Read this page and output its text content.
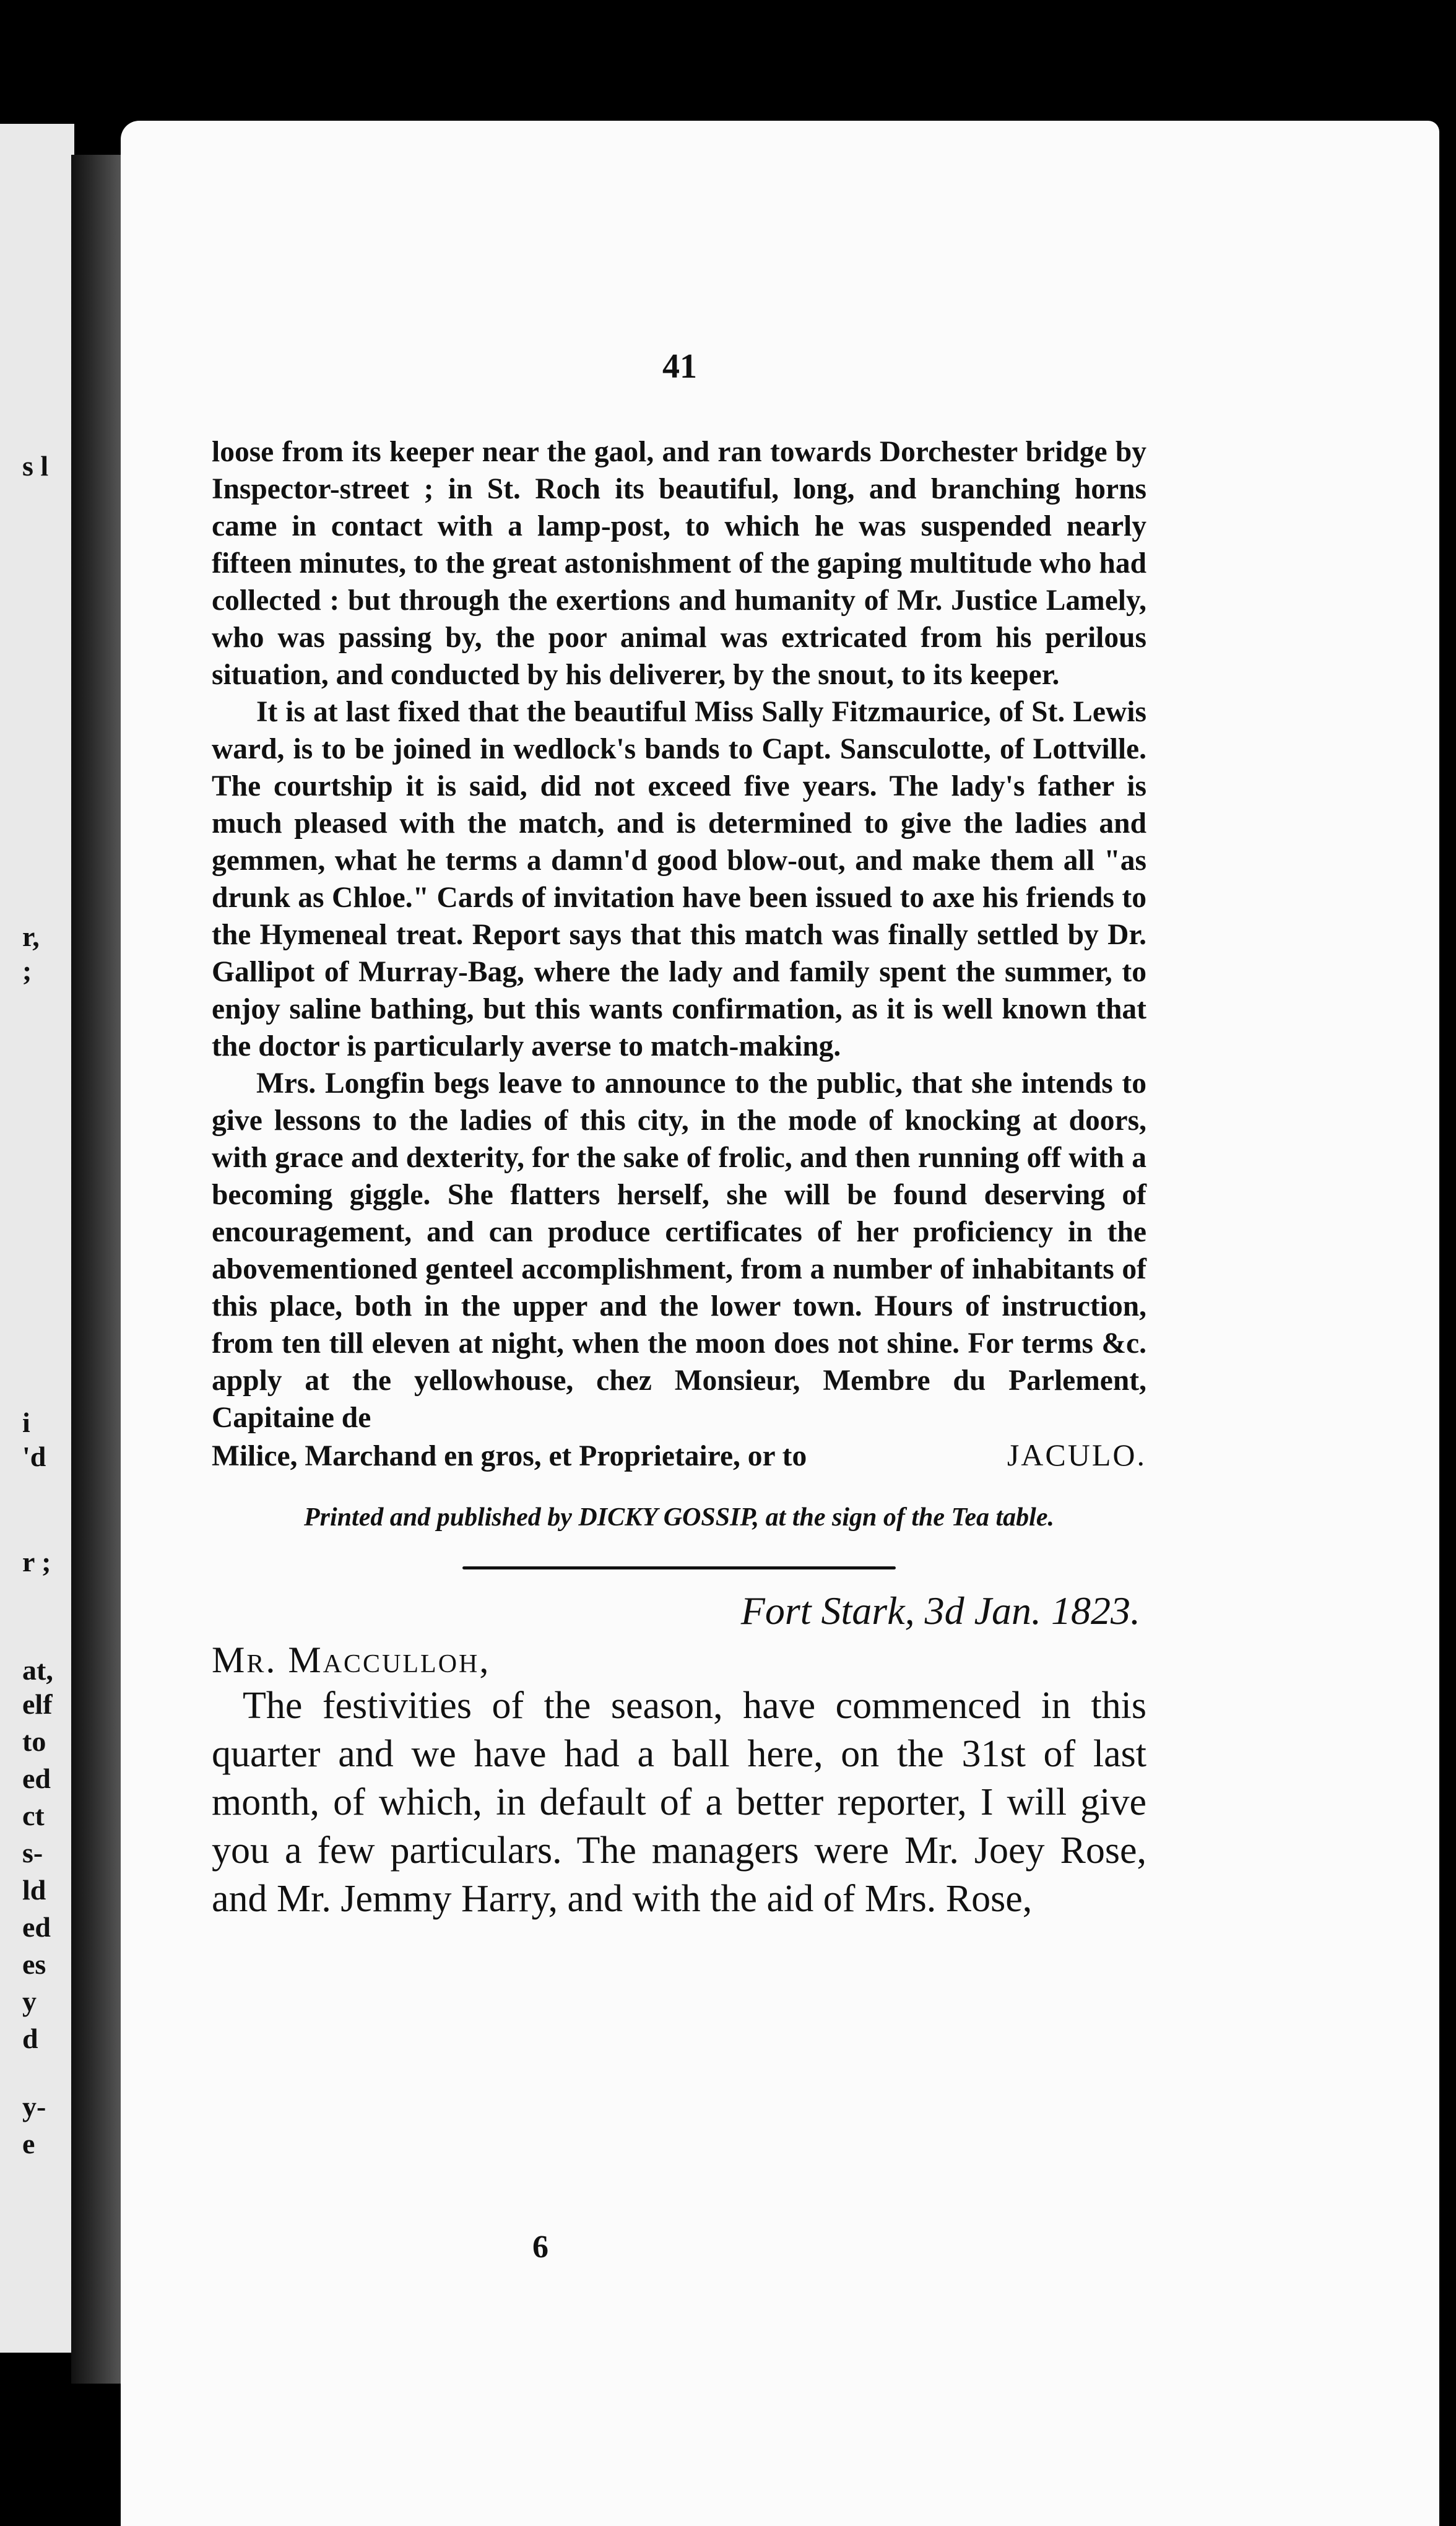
s l
r,
;
i
'd
r ;
at,
elf
to
ed
ct
s-
ld
ed
es
y
d
y-
e
41

loose from its keeper near the gaol, and ran towards Dorchester bridge by Inspector-street ; in St. Roch its beautiful, long, and branching horns came in contact with a lamp-post, to which he was suspended nearly fifteen minutes, to the great astonishment of the gaping multitude who had collected : but through the exertions and humanity of Mr. Justice Lamely, who was passing by, the poor animal was extricated from his perilous situation, and conducted by his deliverer, by the snout, to its keeper.

It is at last fixed that the beautiful Miss Sally Fitzmaurice, of St. Lewis ward, is to be joined in wedlock's bands to Capt. Sansculotte, of Lottville. The courtship it is said, did not exceed five years. The lady's father is much pleased with the match, and is determined to give the ladies and gemmen, what he terms a damn'd good blow-out, and make them all "as drunk as Chloe." Cards of invitation have been issued to axe his friends to the Hymeneal treat. Report says that this match was finally settled by Dr. Gallipot of Murray-Bag, where the lady and family spent the summer, to enjoy saline bathing, but this wants confirmation, as it is well known that the doctor is particularly averse to match-making.

Mrs. Longfin begs leave to announce to the public, that she intends to give lessons to the ladies of this city, in the mode of knocking at doors, with grace and dexterity, for the sake of frolic, and then running off with a becoming giggle. She flatters herself, she will be found deserving of encouragement, and can produce certificates of her proficiency in the abovementioned genteel accomplishment, from a number of inhabitants of this place, both in the upper and the lower town. Hours of instruction, from ten till eleven at night, when the moon does not shine. For terms &c. apply at the yellowhouse, chez Monsieur, Membre du Parlement, Capitaine de

Milice, Marchand en gros, et Proprietaire, or to	JACULO.
Printed and published by DICKY GOSSIP, at the sign of the Tea table.
Fort Stark, 3d Jan. 1823.
Mr. Macculloh,

The festivities of the season, have commenced in this quarter and we have had a ball here, on the 31st of last month, of which, in default of a better reporter, I will give you a few particulars. The managers were Mr. Joey Rose, and Mr. Jemmy Harry, and with the aid of Mrs. Rose,

6
